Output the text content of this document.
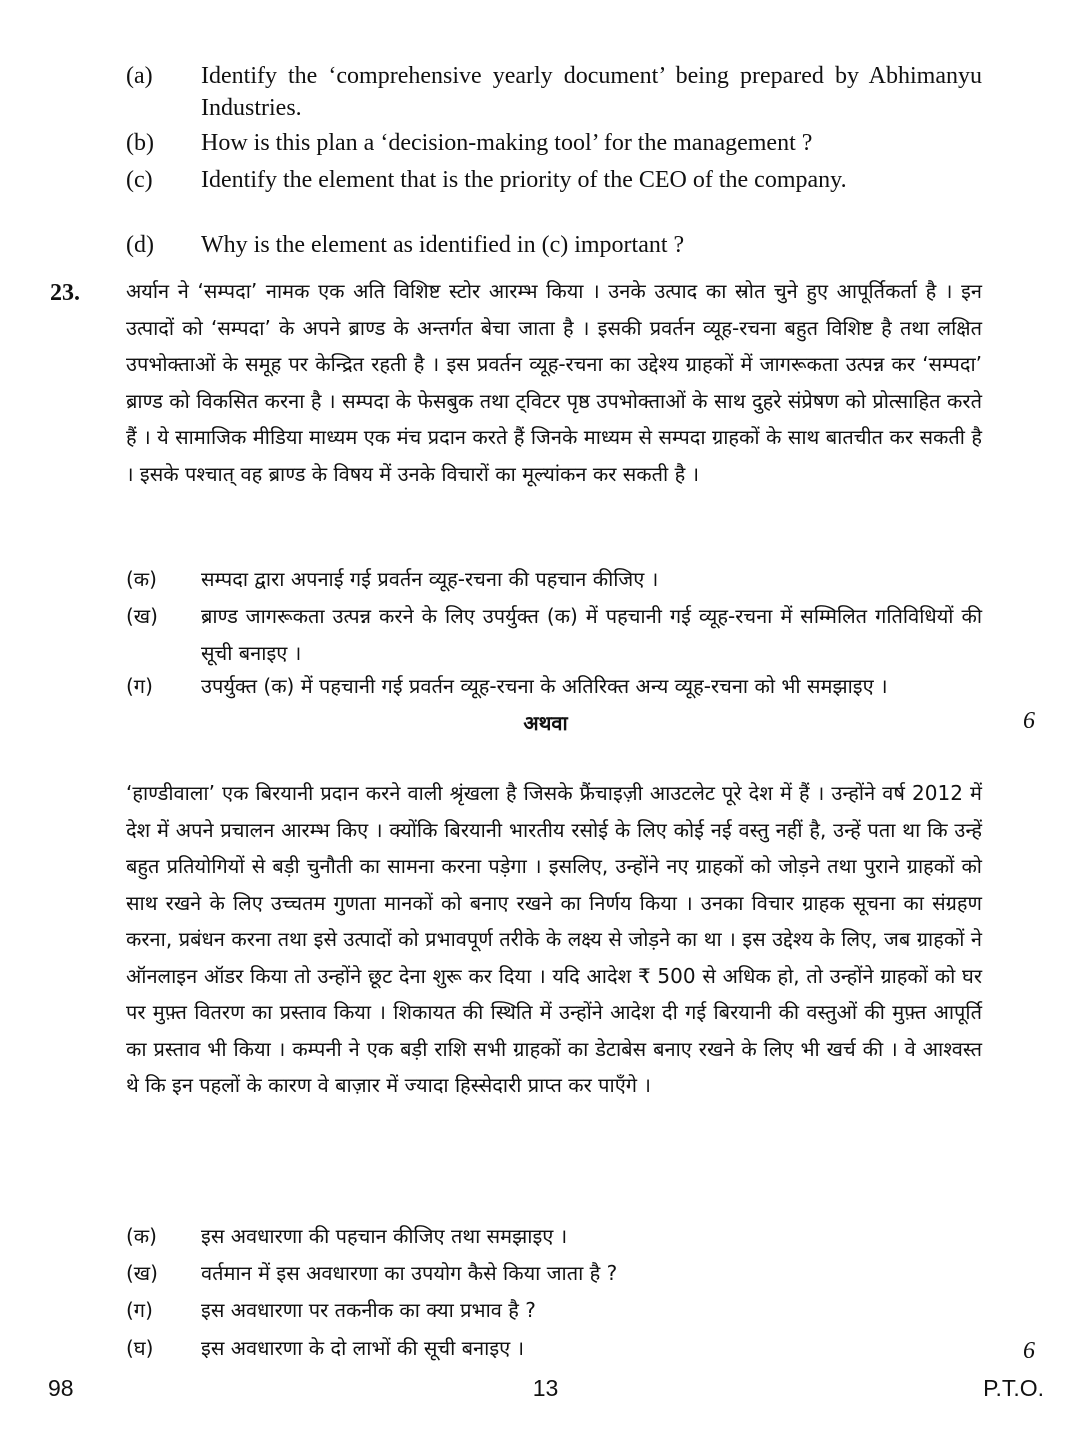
(a)	Identify the ‘comprehensive yearly document’ being prepared by Abhimanyu Industries.
(b)	How is this plan a ‘decision-making tool’ for the management ?
(c)	Identify the element that is the priority of the CEO of the company.
(d)	Why is the element as identified in (c) important ?
23. अर्यान ने ‘सम्पदा’ नामक एक अति विशिष्ट स्टोर आरम्भ किया । उनके उत्पाद का स्रोत चुने हुए आपूर्तिकर्ता है । इन उत्पादों को ‘सम्पदा’ के अपने ब्राण्ड के अन्तर्गत बेचा जाता है । इसकी प्रवर्तन व्यूह-रचना बहुत विशिष्ट है तथा लक्षित उपभोक्ताओं के समूह पर केन्द्रित रहती है । इस प्रवर्तन व्यूह-रचना का उद्देश्य ग्राहकों में जागरूकता उत्पन्न कर ‘सम्पदा’ ब्राण्ड को विकसित करना है । सम्पदा के फेसबुक तथा ट्विटर पृष्ठ उपभोक्ताओं के साथ दुहरे संप्रेषण को प्रोत्साहित करते हैं । ये सामाजिक मीडिया माध्यम एक मंच प्रदान करते हैं जिनके माध्यम से सम्पदा ग्राहकों के साथ बातचीत कर सकती है । इसके पश्चात् वह ब्राण्ड के विषय में उनके विचारों का मूल्यांकन कर सकती है ।

(क)	सम्पदा द्वारा अपनाई गई प्रवर्तन व्यूह-रचना की पहचान कीजिए ।
(ख)	ब्राण्ड जागरूकता उत्पन्न करने के लिए उपर्युक्त (क) में पहचानी गई व्यूह-रचना में सम्मिलित गतिविधियों की सूची बनाइए ।
(ग)	उपर्युक्त (क) में पहचानी गई प्रवर्तन व्यूह-रचना के अतिरिक्त अन्य व्यूह-रचना को भी समझाइए ।
6
अथवा

‘हाण्डीवाला’ एक बिरयानी प्रदान करने वाली श्रृंखला है जिसके फ्रैंचाइज़ी आउटलेट पूरे देश में हैं । उन्होंने वर्ष 2012 में देश में अपने प्रचालन आरम्भ किए । क्योंकि बिरयानी भारतीय रसोई के लिए कोई नई वस्तु नहीं है, उन्हें पता था कि उन्हें बहुत प्रतियोगियों से बड़ी चुनौती का सामना करना पड़ेगा । इसलिए, उन्होंने नए ग्राहकों को जोड़ने तथा पुराने ग्राहकों को साथ रखने के लिए उच्चतम गुणता मानकों को बनाए रखने का निर्णय किया । उनका विचार ग्राहक सूचना का संग्रहण करना, प्रबंधन करना तथा इसे उत्पादों को प्रभावपूर्ण तरीके के लक्ष्य से जोड़ने का था । इस उद्देश्य के लिए, जब ग्राहकों ने ऑनलाइन ऑडर किया तो उन्होंने छूट देना शुरू कर दिया । यदि आदेश ₹ 500 से अधिक हो, तो उन्होंने ग्राहकों को घर पर मुफ़्त वितरण का प्रस्ताव किया । शिकायत की स्थिति में उन्होंने आदेश दी गई बिरयानी की वस्तुओं की मुफ़्त आपूर्ति का प्रस्ताव भी किया । कम्पनी ने एक बड़ी राशि सभी ग्राहकों का डेटाबेस बनाए रखने के लिए भी खर्च की । वे आश्वस्त थे कि इन पहलों के कारण वे बाज़ार में ज्यादा हिस्सेदारी प्राप्त कर पाएँगे ।

(क)	इस अवधारणा की पहचान कीजिए तथा समझाइए ।
(ख)	वर्तमान में इस अवधारणा का उपयोग कैसे किया जाता है ?
(ग)	इस अवधारणा पर तकनीक का क्या प्रभाव है ?
(घ)	इस अवधारणा के दो लाभों की सूची बनाइए ।	6
98	13	P.T.O.
